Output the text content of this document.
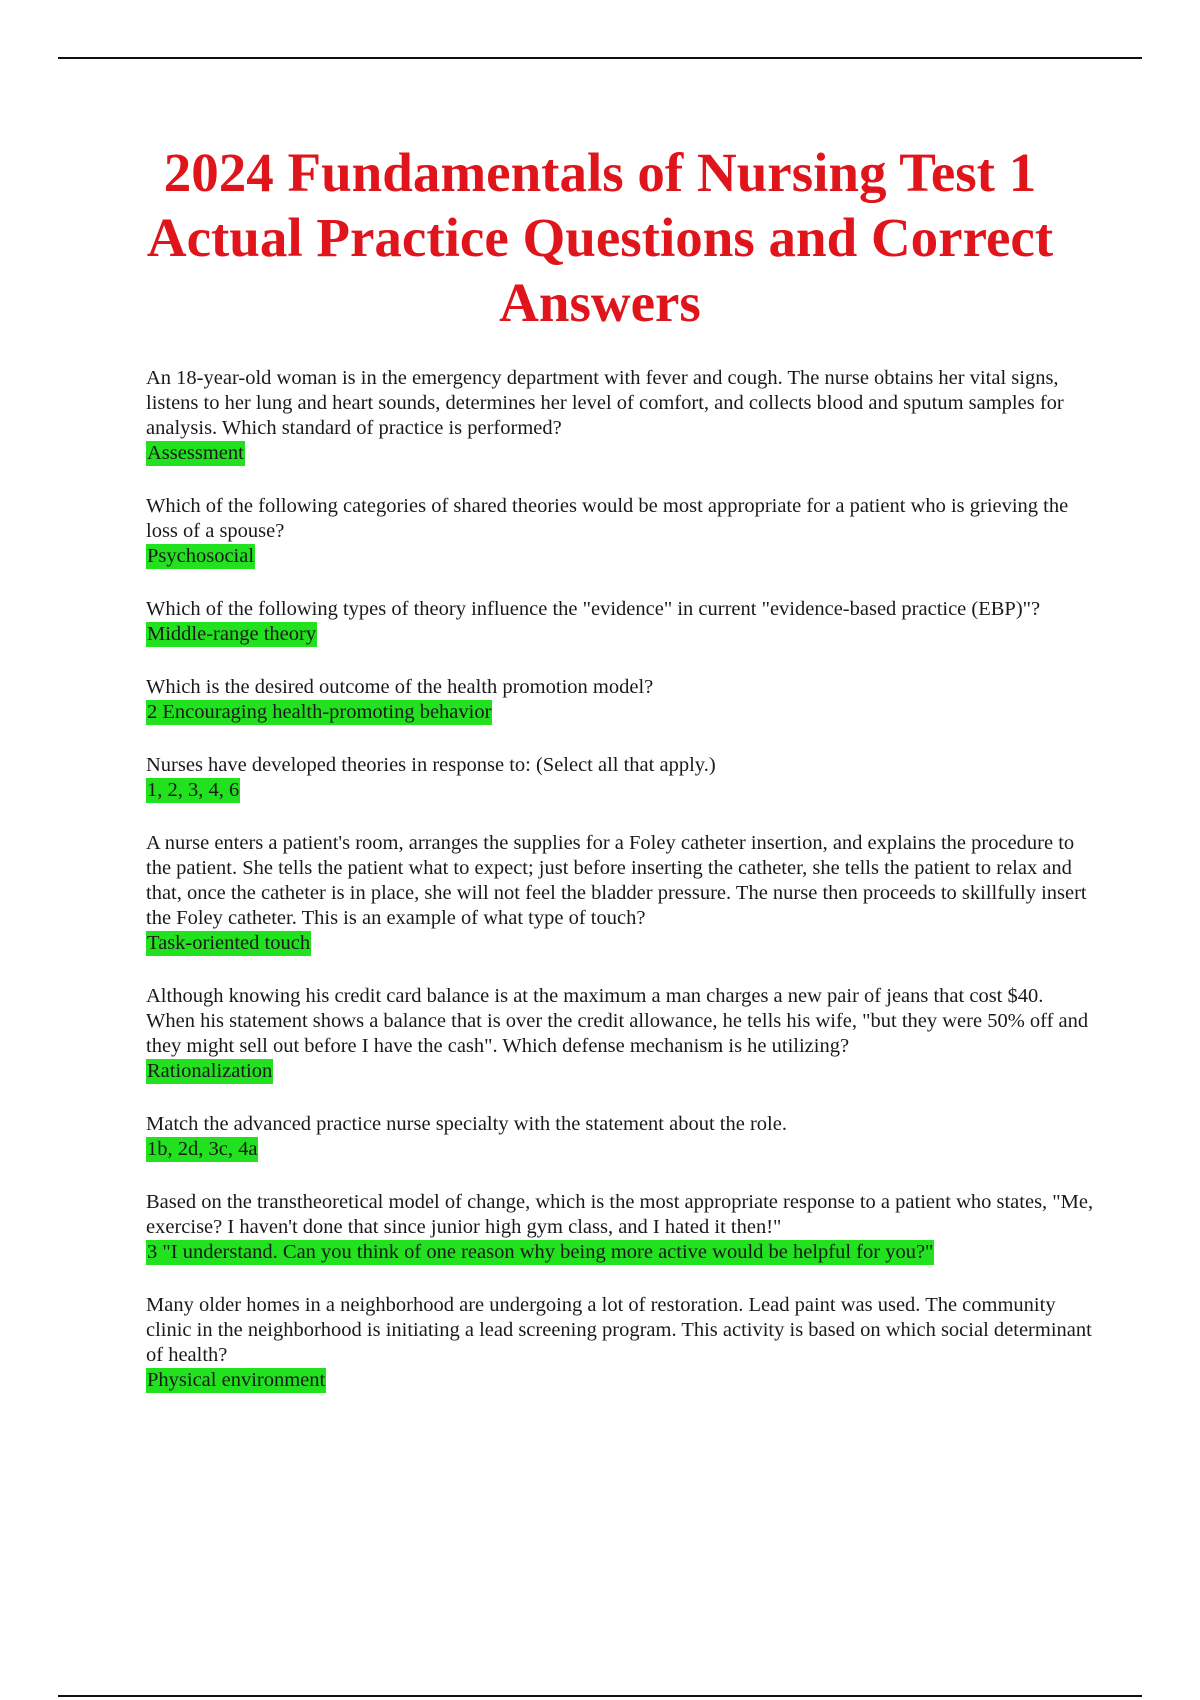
2024 Fundamentals of Nursing Test 1 Actual Practice Questions and Correct Answers

An 18-year-old woman is in the emergency department with fever and cough. The nurse obtains her vital signs, listens to her lung and heart sounds, determines her level of comfort, and collects blood and sputum samples for analysis. Which standard of practice is performed?

Assessment

Which of the following categories of shared theories would be most appropriate for a patient who is grieving the loss of a spouse?

Psychosocial

Which of the following types of theory influence the "evidence" in current "evidence-based practice (EBP)"?

Middle-range theory

Which is the desired outcome of the health promotion model?

2 Encouraging health-promoting behavior

Nurses have developed theories in response to: (Select all that apply.)

1, 2, 3, 4, 6

A nurse enters a patient's room, arranges the supplies for a Foley catheter insertion, and explains the procedure to the patient. She tells the patient what to expect; just before inserting the catheter, she tells the patient to relax and that, once the catheter is in place, she will not feel the bladder pressure. The nurse then proceeds to skillfully insert the Foley catheter. This is an example of what type of touch?

Task-oriented touch

Although knowing his credit card balance is at the maximum a man charges a new pair of jeans that cost $40. When his statement shows a balance that is over the credit allowance, he tells his wife, "but they were 50% off and they might sell out before I have the cash". Which defense mechanism is he utilizing?

Rationalization

Match the advanced practice nurse specialty with the statement about the role.

1b, 2d, 3c, 4a

Based on the transtheoretical model of change, which is the most appropriate response to a patient who states, "Me, exercise? I haven't done that since junior high gym class, and I hated it then!"

3 "I understand. Can you think of one reason why being more active would be helpful for you?"

Many older homes in a neighborhood are undergoing a lot of restoration. Lead paint was used. The community clinic in the neighborhood is initiating a lead screening program. This activity is based on which social determinant of health?

Physical environment
